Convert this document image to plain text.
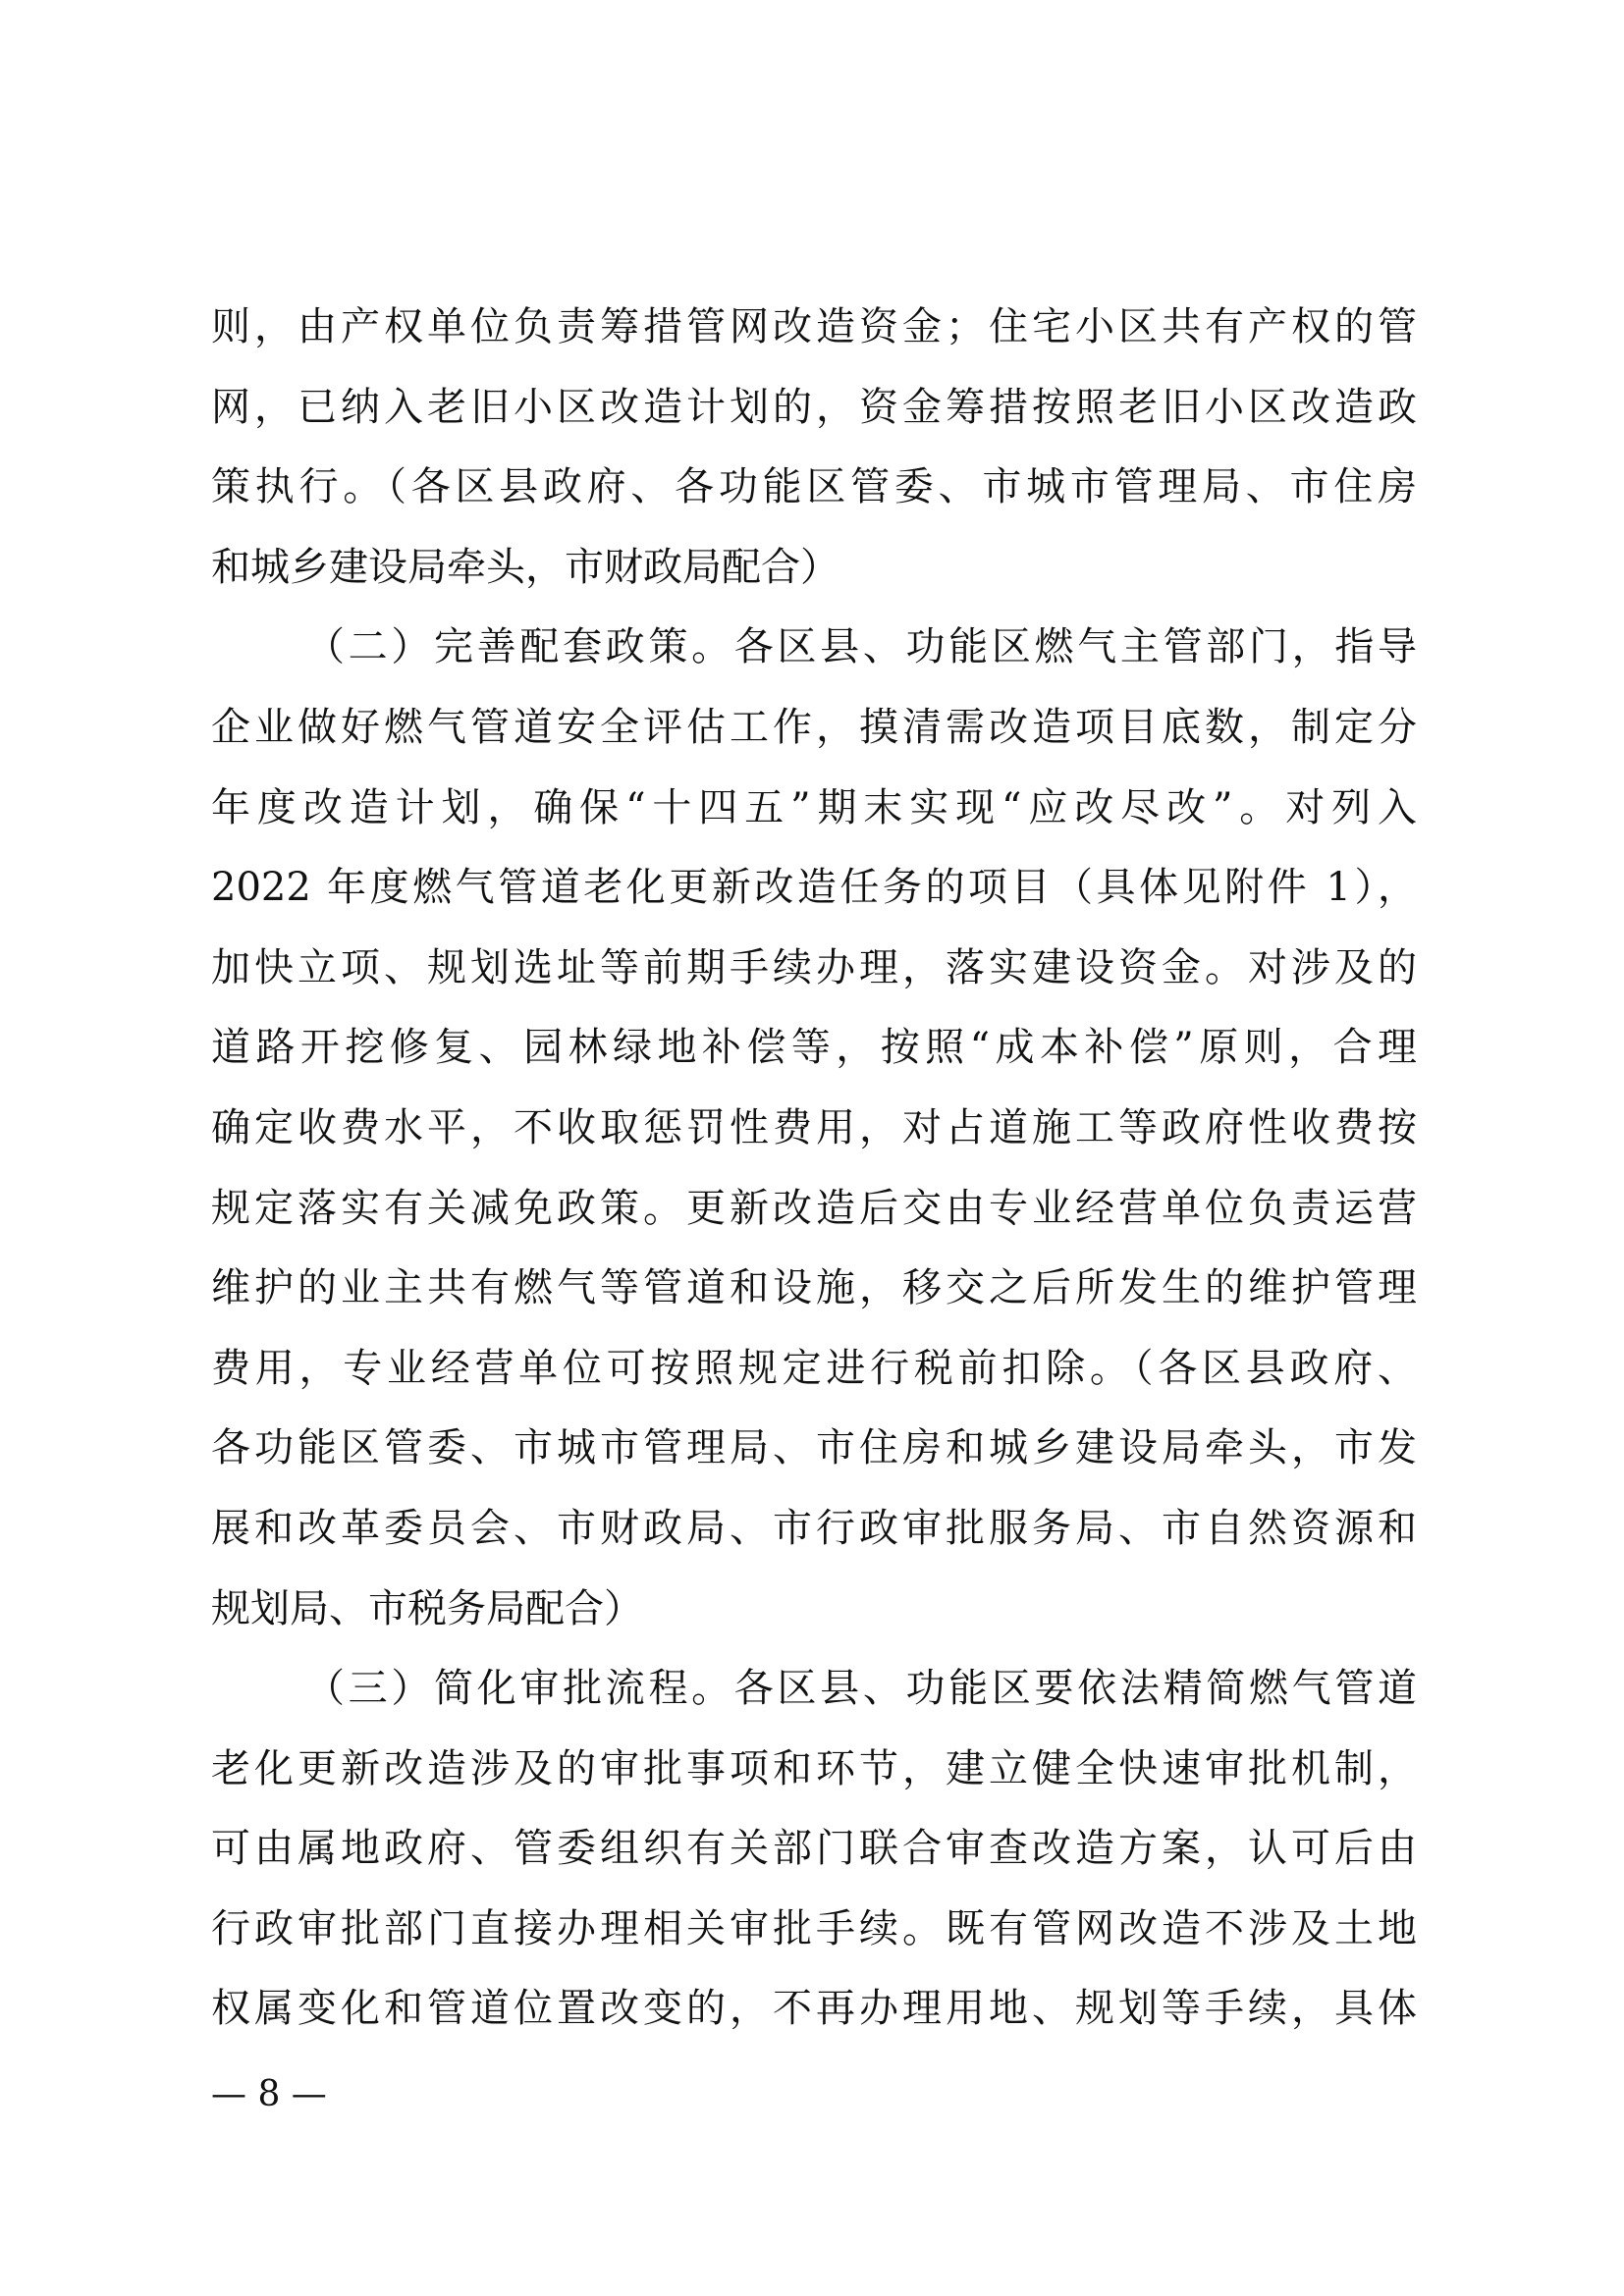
则，由产权单位负责筹措管网改造资金；住宅小区共有产权的管
网，已纳入老旧小区改造计划的，资金筹措按照老旧小区改造政
策执行。（各区县政府、各功能区管委、市城市管理局、市住房
和城乡建设局牵头，市财政局配合）
（二）完善配套政策。各区县、功能区燃气主管部门，指导
企业做好燃气管道安全评估工作，摸清需改造项目底数，制定分
年度改造计划，确保“十四五”期末实现“应改尽改”。对列入
2022 年度燃气管道老化更新改造任务的项目（具体见附件 1），
加快立项、规划选址等前期手续办理，落实建设资金。对涉及的
道路开挖修复、园林绿地补偿等，按照“成本补偿”原则，合理
确定收费水平，不收取惩罚性费用，对占道施工等政府性收费按
规定落实有关减免政策。更新改造后交由专业经营单位负责运营
维护的业主共有燃气等管道和设施，移交之后所发生的维护管理
费用，专业经营单位可按照规定进行税前扣除。（各区县政府、
各功能区管委、市城市管理局、市住房和城乡建设局牵头，市发
展和改革委员会、市财政局、市行政审批服务局、市自然资源和
规划局、市税务局配合）
（三）简化审批流程。各区县、功能区要依法精简燃气管道
老化更新改造涉及的审批事项和环节，建立健全快速审批机制，
可由属地政府、管委组织有关部门联合审查改造方案，认可后由
行政审批部门直接办理相关审批手续。既有管网改造不涉及土地
权属变化和管道位置改变的，不再办理用地、规划等手续，具体
— 8 —
